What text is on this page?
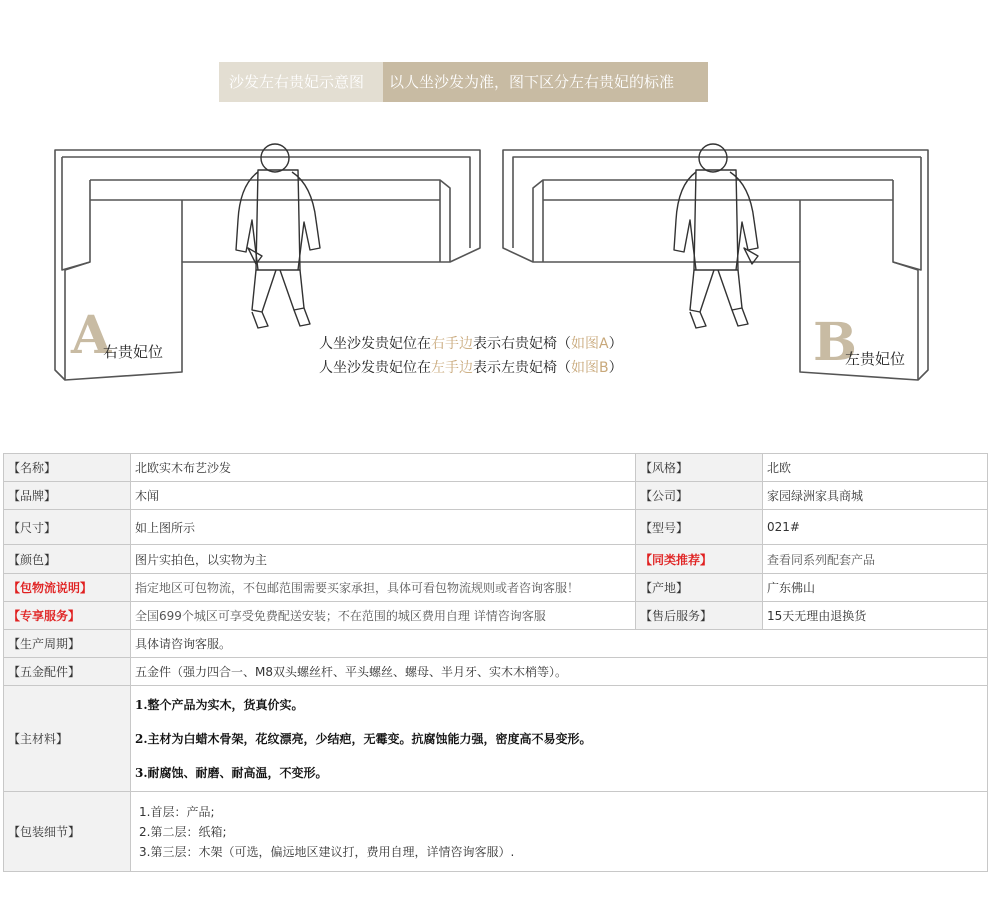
沙发左右贵妃示意图	以人坐沙发为准，图下区分左右贵妃的标准
A
右贵妃位	B
左贵妃位
人坐沙发贵妃位在右手边表示右贵妃椅（如图A）
人坐沙发贵妃位在左手边表示左贵妃椅（如图B）
【名称】	北欧实木布艺沙发	【风格】	北欧
【品牌】	木闻	【公司】	家园绿洲家具商城
【尺寸】	如上图所示	【型号】	021#
【颜色】	图片实拍色，以实物为主	【同类推荐】	查看同系列配套产品
【包物流说明】	指定地区可包物流，不包邮范围需要买家承担，具体可看包物流规则或者咨询客服！	【产地】	广东佛山
【专享服务】	全国699个城区可享受免费配送安装；不在范围的城区费用自理 详情咨询客服	【售后服务】	15天无理由退换货
【生产周期】	具体请咨询客服。		
【五金配件】	五金件（强力四合一、M8双头螺丝杆、平头螺丝、螺母、半月牙、实木木梢等）。		
【主材料】	1.整个产品为实木，货真价实。

2.主材为白蜡木骨架，花纹漂亮，少结疤，无霉变。抗腐蚀能力强，密度高不易变形。

3.耐腐蚀、耐磨、耐高温，不变形。		

【包装细节】	1.首层：产品;

2.第二层：纸箱;

3.第三层：木架（可选，偏远地区建议打，费用自理，详情咨询客服）.		
